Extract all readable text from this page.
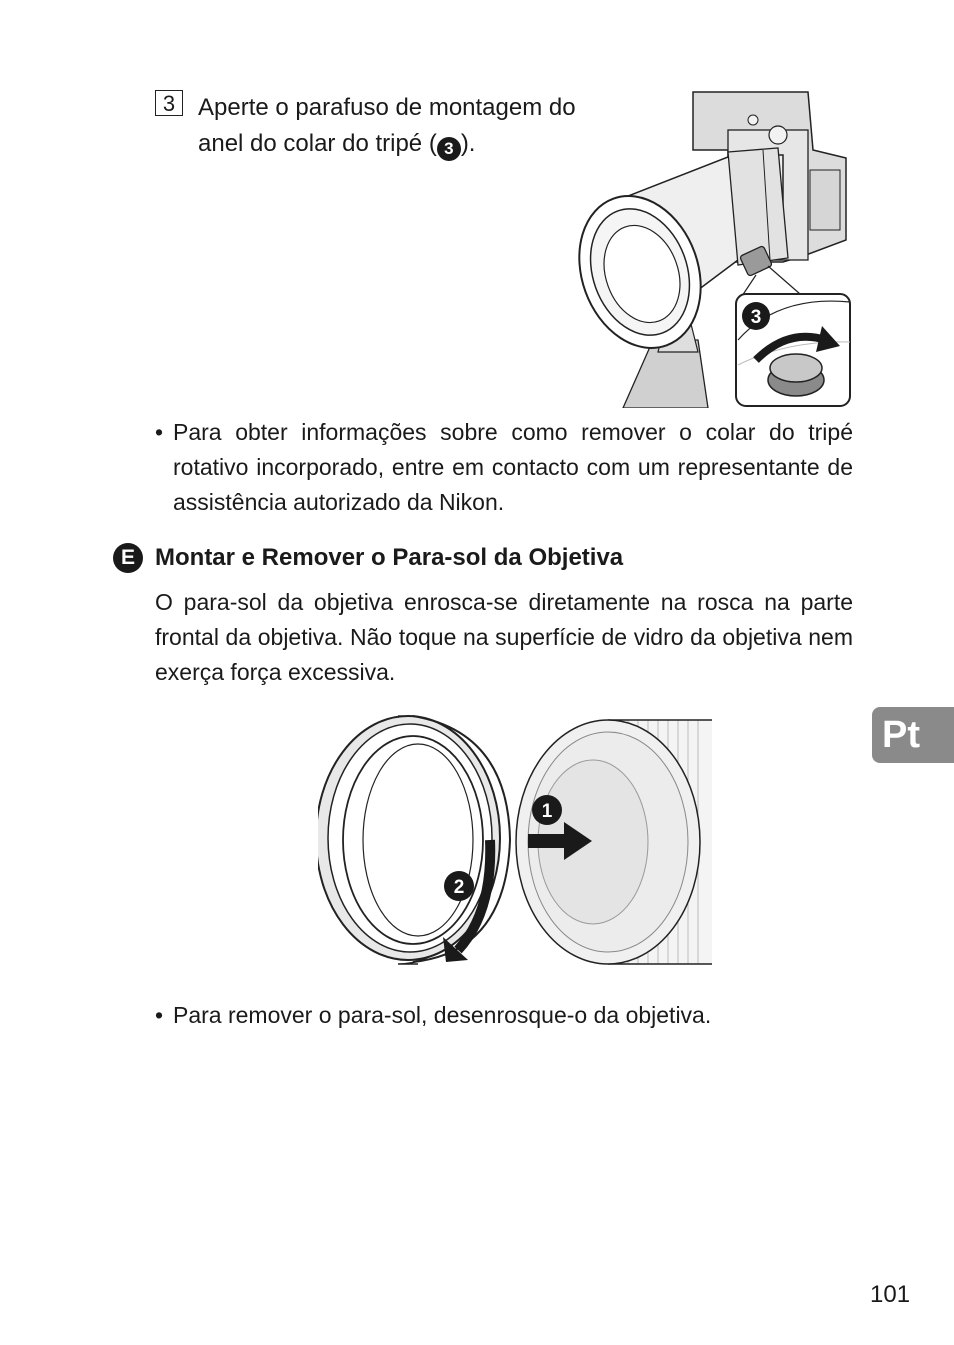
3 Aperte o parafuso de montagem do anel do colar do tripé ( 3 ).
3
• Para obter informações sobre como remover o colar do tripé rotativo incorporado, entre em contacto com um representante de assistência autorizado da Nikon.
E Montar e Remover o Para-sol da Objetiva
O para-sol da objetiva enrosca-se diretamente na rosca na parte frontal da objetiva. Não toque na superfície de vidro da objetiva nem exerça força excessiva.
1
2
• Para remover o para-sol, desenrosque-o da objetiva.
Pt
101
